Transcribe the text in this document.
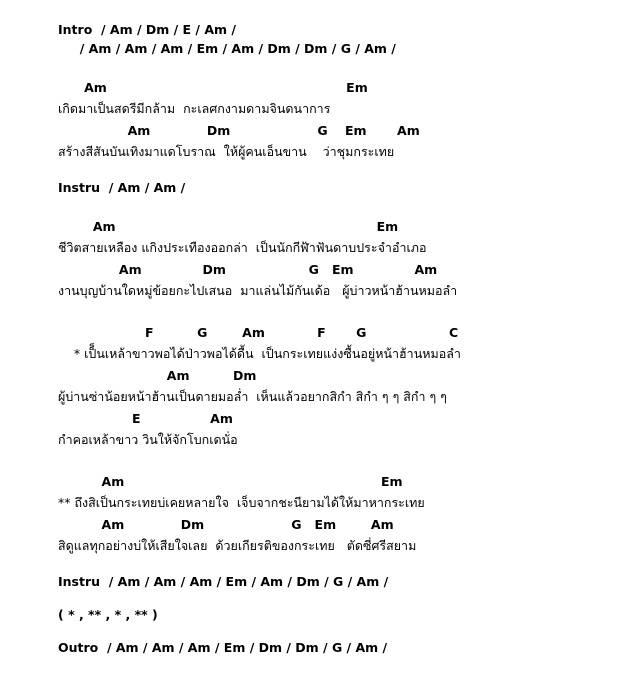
Intro  / Am / Dm / E / Am /
/ Am / Am / Am / Em / Am / Dm / Dm / G / Am /
Am                                                       Em
เกิดมาเป็นสดรีมีกล้าม  กะเลศกงามดามจินดนาการ
Am             Dm                    G    Em       Am
สร้างสีสันบันเทิงมาแดโบราณ  ให้ผู้คนเอ็นขาน    ว่าชุมกระเทย
Instru  / Am / Am /
Am                                                            Em
ชีวิตสายเหลือง แกิงประเทืองออกล่า  เป็นนักกีฬ้าฟันดาบประจำอำเภอ
Am              Dm                   G   Em              Am
งานบุญบ้านใดหมู่ข้อยกะไปเสนอ  มาแล่นไม้กันเด้อ   ผู้บ่าวหน้าฮ้านหมอลำ
F          G        Am            F       G                   C
* เป็็นเหล้าขาวพอได้ป่าวพอได้ดื้น  เป็นกระเทยแง่งซื้นอยู่หน้าฮ้านหมอลำ
Am          Dm
ผู้บ่านซ่าน้อยหน้าฮ้านเป็นดายมอล่ำ  เห็นแล้วอยากสิกำ สิกำ ๆ ๆ สิกำ ๆ ๆ
E                Am
กำคอเหล้าขาว วินให้จักโบกเดนั่อ
Am                                                           Em
** ถึงสิเป็นกระเทยบ่เคยหลายใจ  เจ็บจากชะนียามได้ให้มาหากระเทย
Am             Dm                    G   Em        Am
สิดูแลทุกอย่างบ่ให้เสียใจเลย  ด้วยเกียรติของกระเทย   ตัดซี่ศรีสยาม
Instru  / Am / Am / Am / Em / Am / Dm / G / Am /
( * , ** , * , ** )
Outro  / Am / Am / Am / Em / Dm / Dm / G / Am /
